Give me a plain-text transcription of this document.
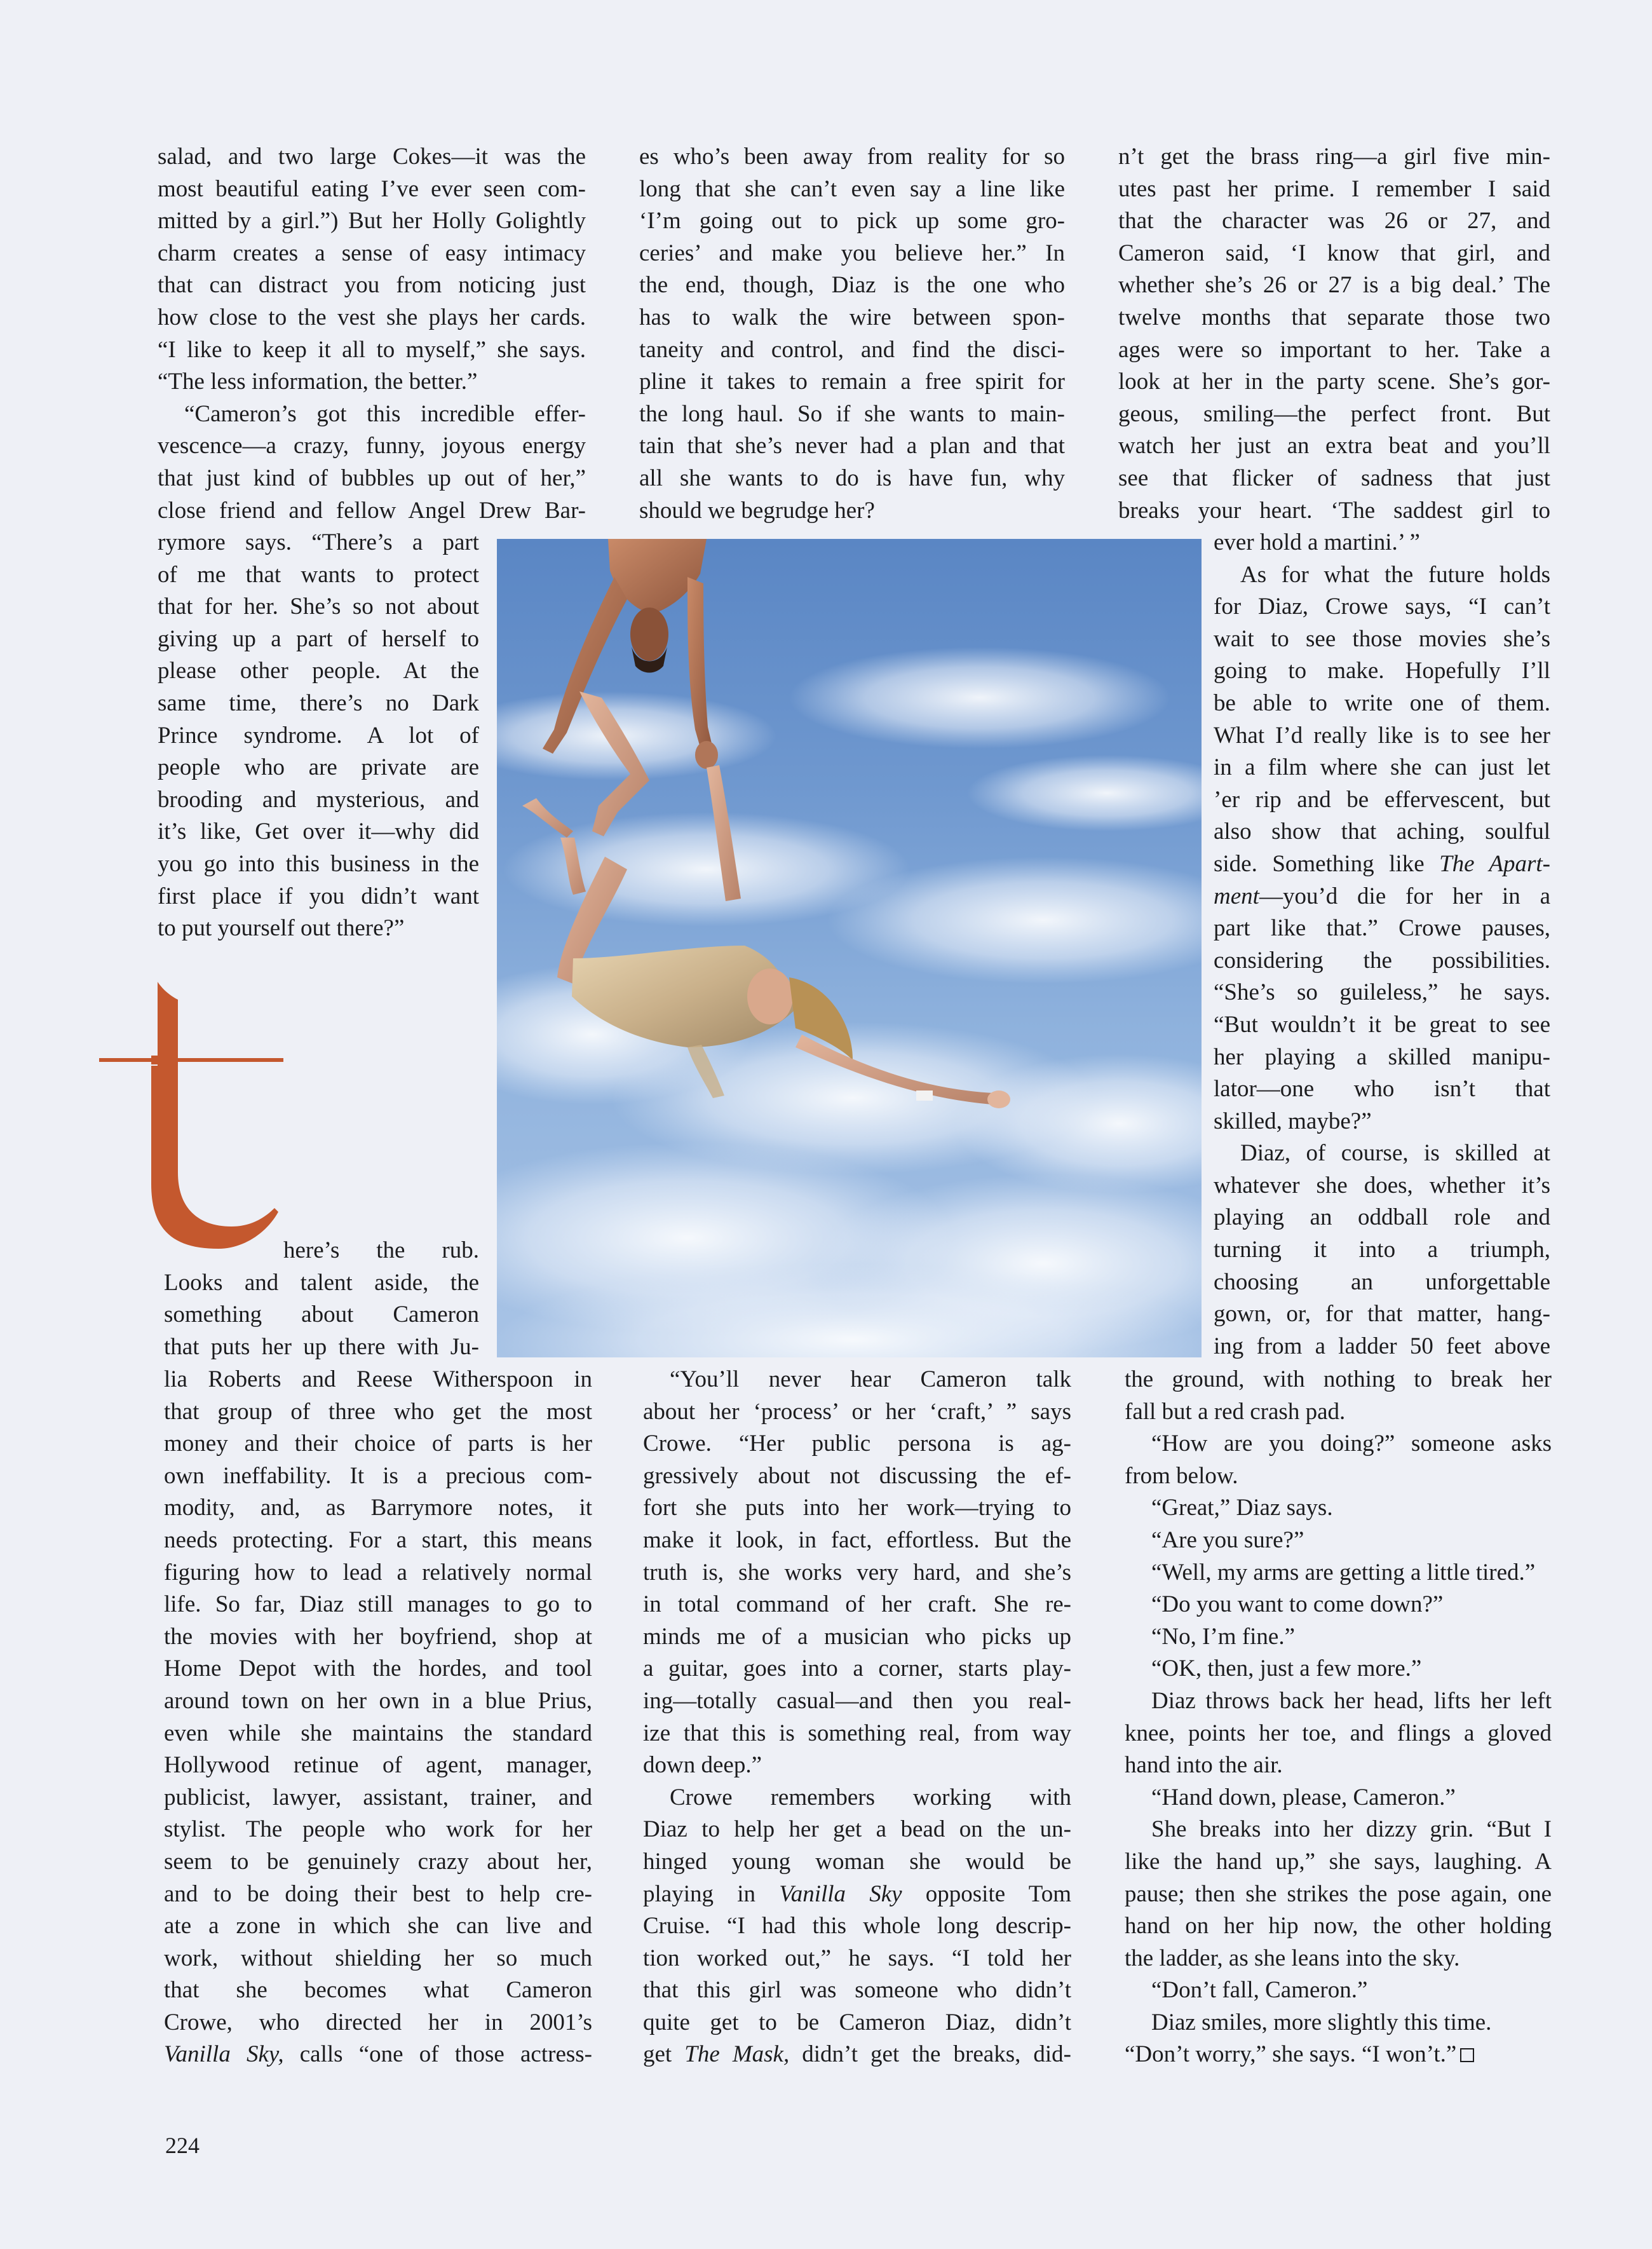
salad, and two large Cokes—it was the
most beautiful eating I’ve ever seen com-
mitted by a girl.”) But her Holly Golightly
charm creates a sense of easy intimacy
that can distract you from noticing just
how close to the vest she plays her cards.
“I like to keep it all to myself,” she says.
“The less information, the better.”
“Cameron’s got this incredible effer-
vescence—a crazy, funny, joyous energy
that just kind of bubbles up out of her,”
close friend and fellow Angel Drew Bar-
rymore says. “There’s a part
of me that wants to protect
that for her. She’s so not about
giving up a part of herself to
please other people. At the
same time, there’s no Dark
Prince syndrome. A lot of
people who are private are
brooding and mysterious, and
it’s like, Get over it—why did
you go into this business in the
first place if you didn’t want
to put yourself out there?”
t
here’s the rub.
Looks and talent aside, the
something about Cameron
that puts her up there with Ju-
lia Roberts and Reese Witherspoon in
that group of three who get the most
money and their choice of parts is her
own ineffability. It is a precious com-
modity, and, as Barrymore notes, it
needs protecting. For a start, this means
figuring how to lead a relatively normal
life. So far, Diaz still manages to go to
the movies with her boyfriend, shop at
Home Depot with the hordes, and tool
around town on her own in a blue Prius,
even while she maintains the standard
Hollywood retinue of agent, manager,
publicist, lawyer, assistant, trainer, and
stylist. The people who work for her
seem to be genuinely crazy about her,
and to be doing their best to help cre-
ate a zone in which she can live and
work, without shielding her so much
that she becomes what Cameron
Crowe, who directed her in 2001’s
Vanilla Sky, calls “one of those actress-
es who’s been away from reality for so
long that she can’t even say a line like
‘I’m going out to pick up some gro-
ceries’ and make you believe her.” In
the end, though, Diaz is the one who
has to walk the wire between spon-
taneity and control, and find the disci-
pline it takes to remain a free spirit for
the long haul. So if she wants to main-
tain that she’s never had a plan and that
all she wants to do is have fun, why
should we begrudge her?
“You’ll never hear Cameron talk
about her ‘process’ or her ‘craft,’ ” says
Crowe. “Her public persona is ag-
gressively about not discussing the ef-
fort she puts into her work—trying to
make it look, in fact, effortless. But the
truth is, she works very hard, and she’s
in total command of her craft. She re-
minds me of a musician who picks up
a guitar, goes into a corner, starts play-
ing—totally casual—and then you real-
ize that this is something real, from way
down deep.”
Crowe remembers working with
Diaz to help her get a bead on the un-
hinged young woman she would be
playing in Vanilla Sky opposite Tom
Cruise. “I had this whole long descrip-
tion worked out,” he says. “I told her
that this girl was someone who didn’t
quite get to be Cameron Diaz, didn’t
get The Mask, didn’t get the breaks, did-
n’t get the brass ring—a girl five min-
utes past her prime. I remember I said
that the character was 26 or 27, and
Cameron said, ‘I know that girl, and
whether she’s 26 or 27 is a big deal.’ The
twelve months that separate those two
ages were so important to her. Take a
look at her in the party scene. She’s gor-
geous, smiling—the perfect front. But
watch her just an extra beat and you’ll
see that flicker of sadness that just
breaks your heart. ‘The saddest girl to
ever hold a martini.’ ”
As for what the future holds
for Diaz, Crowe says, “I can’t
wait to see those movies she’s
going to make. Hopefully I’ll
be able to write one of them.
What I’d really like is to see her
in a film where she can just let
’er rip and be effervescent, but
also show that aching, soulful
side. Something like The Apart-
ment—you’d die for her in a
part like that.” Crowe pauses,
considering the possibilities.
“She’s so guileless,” he says.
“But wouldn’t it be great to see
her playing a skilled manipu-
lator—one who isn’t that
skilled, maybe?”
Diaz, of course, is skilled at
whatever she does, whether it’s
playing an oddball role and
turning it into a triumph,
choosing an unforgettable
gown, or, for that matter, hang-
ing from a ladder 50 feet above
the ground, with nothing to break her
fall but a red crash pad.
“How are you doing?” someone asks
from below.
“Great,” Diaz says.
“Are you sure?”
“Well, my arms are getting a little tired.”
“Do you want to come down?”
“No, I’m fine.”
“OK, then, just a few more.”
Diaz throws back her head, lifts her left
knee, points her toe, and flings a gloved
hand into the air.
“Hand down, please, Cameron.”
She breaks into her dizzy grin. “But I
like the hand up,” she says, laughing. A
pause; then she strikes the pose again, one
hand on her hip now, the other holding
the ladder, as she leans into the sky.
“Don’t fall, Cameron.”
Diaz smiles, more slightly this time.
“Don’t worry,” she says. “I won’t.”
224
